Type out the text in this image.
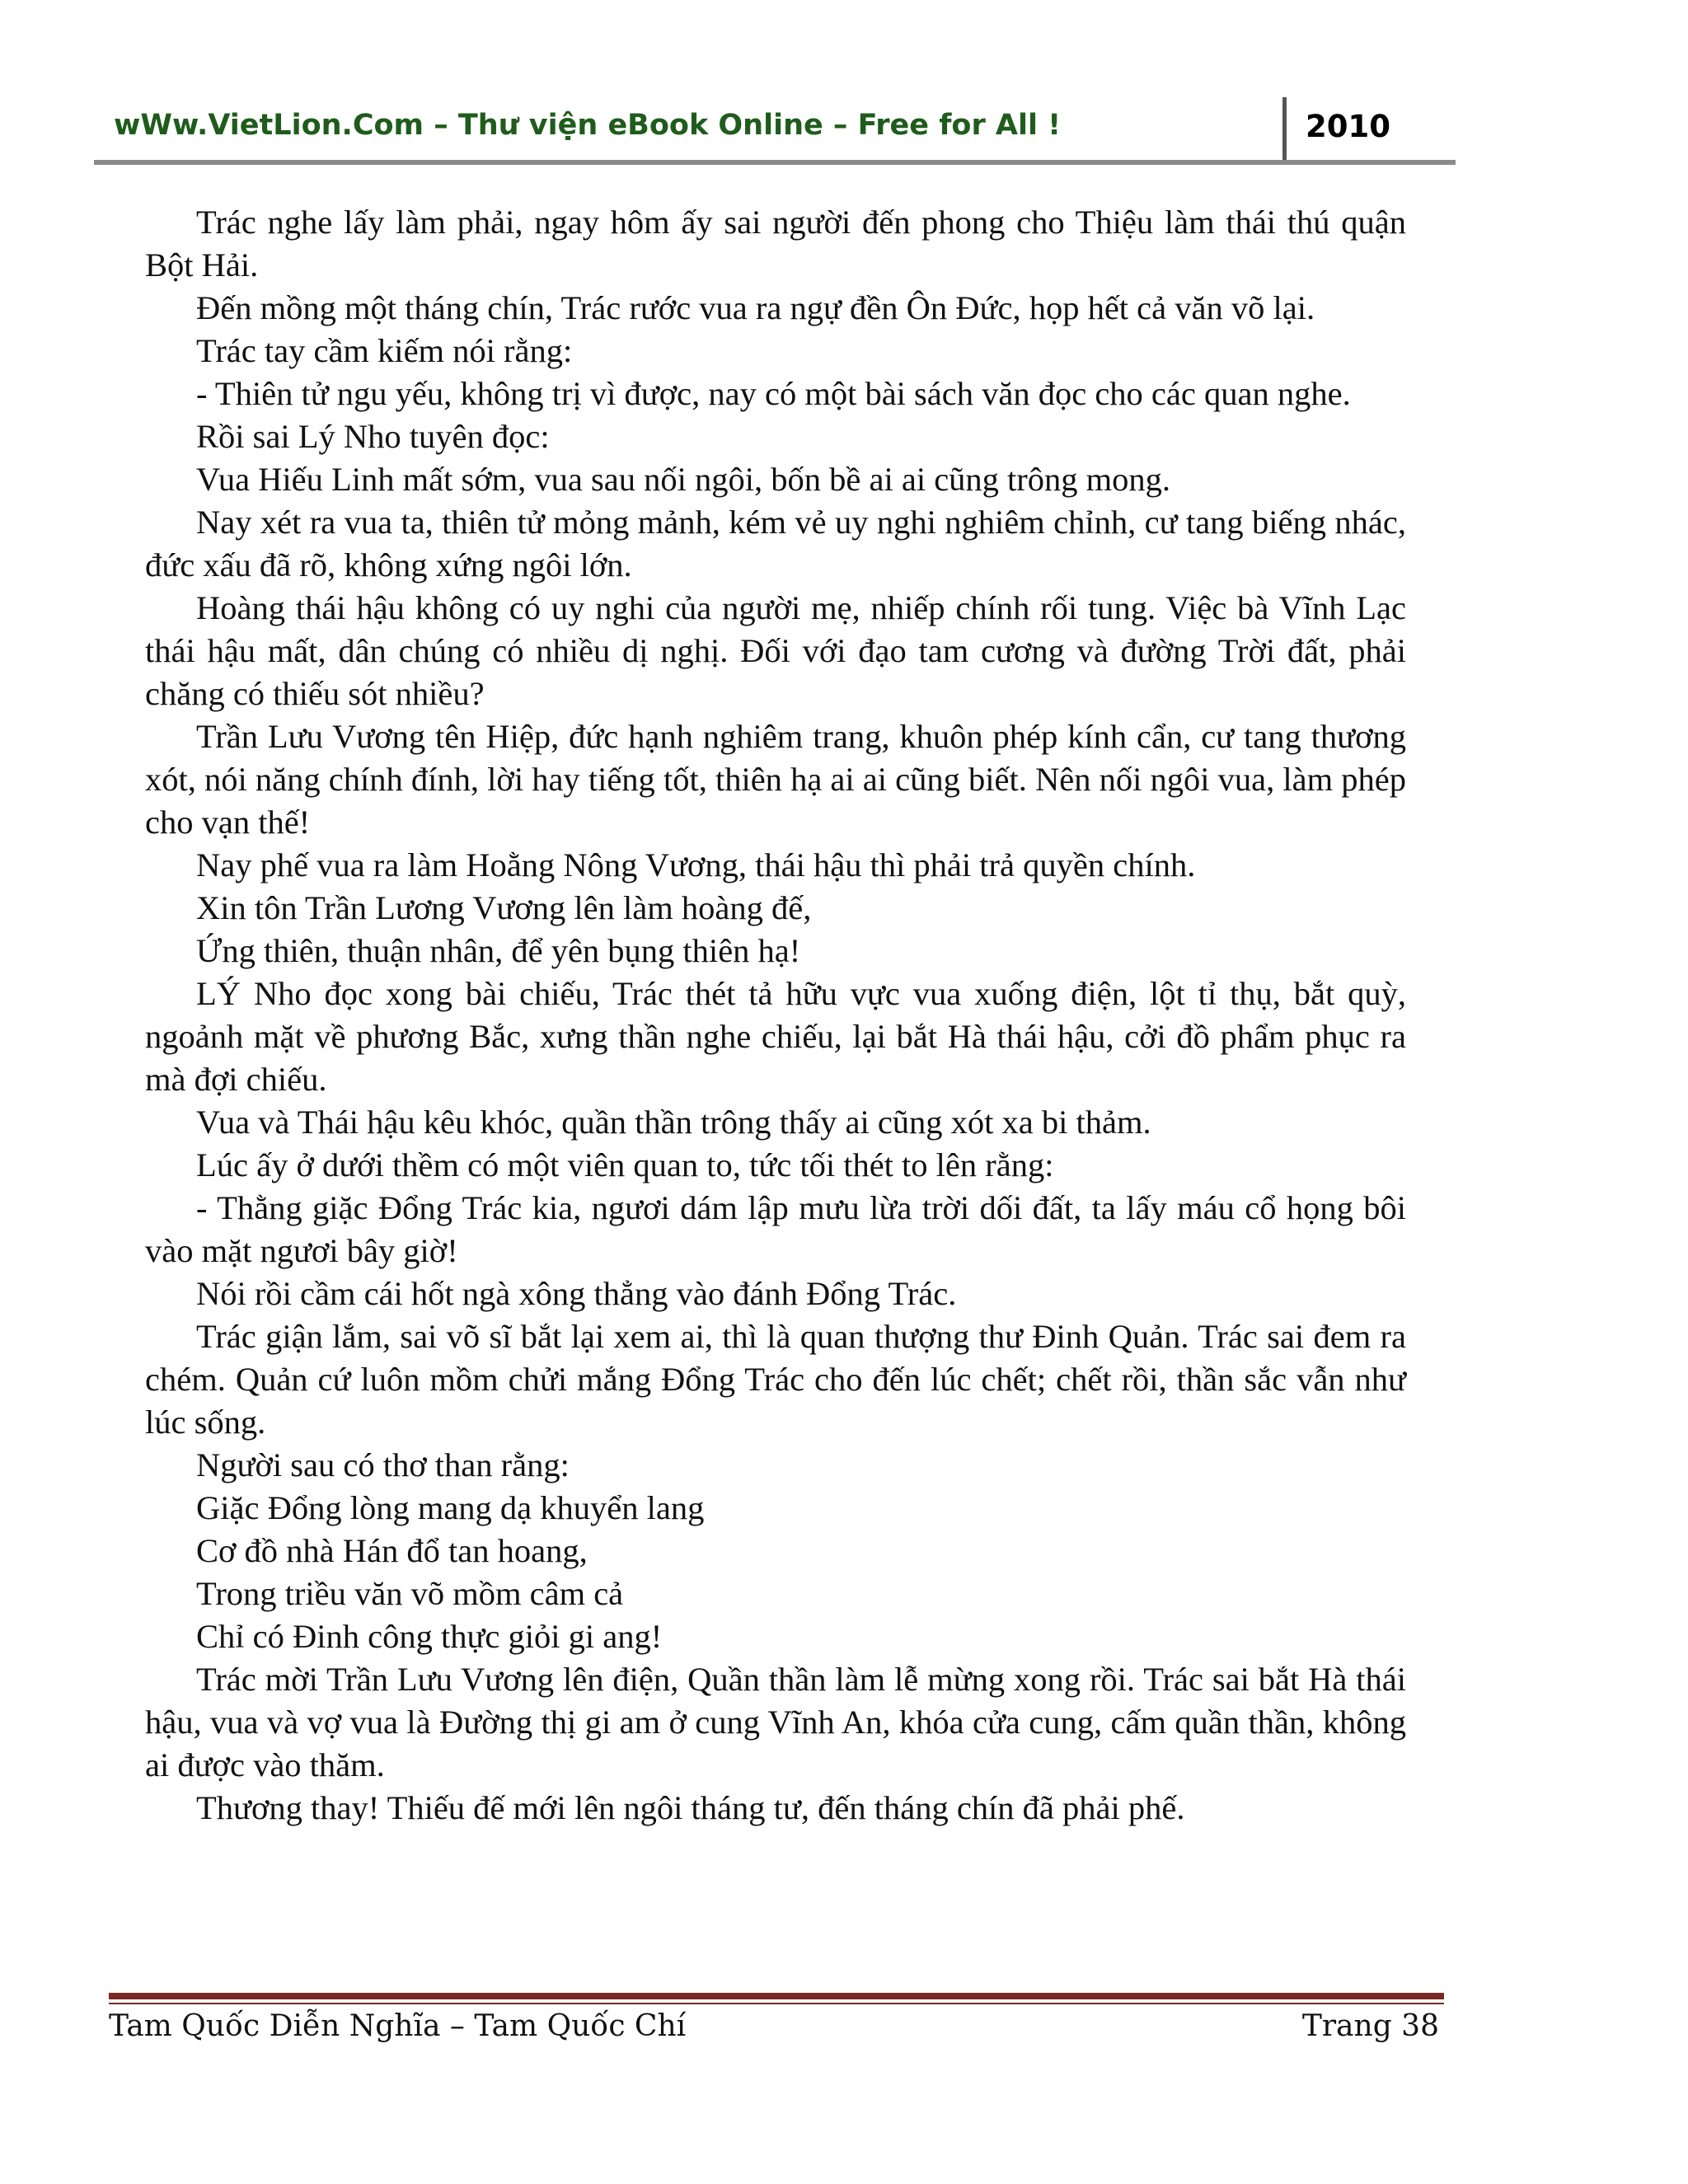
wWw.VietLion.Com – Thư viện eBook Online – Free for All !	2010

Trác nghe lấy làm phải, ngay hôm ấy sai người đến phong cho Thiệu làm thái thú quận Bột Hải.

Đến mồng một tháng chín, Trác rước vua ra ngự đền Ôn Đức, họp hết cả văn võ lại.

Trác tay cầm kiếm nói rằng:

- Thiên tử ngu yếu, không trị vì được, nay có một bài sách văn đọc cho các quan nghe.

Rồi sai Lý Nho tuyên đọc:

Vua Hiếu Linh mất sớm, vua sau nối ngôi, bốn bề ai ai cũng trông mong.

Nay xét ra vua ta, thiên tử mỏng mảnh, kém vẻ uy nghi nghiêm chỉnh, cư tang biếng nhác, đức xấu đã rõ, không xứng ngôi lớn.

Hoàng thái hậu không có uy nghi của người mẹ, nhiếp chính rối tung. Việc bà Vĩnh Lạc thái hậu mất, dân chúng có nhiều dị nghị. Đối với đạo tam cương và đường Trời đất, phải chăng có thiếu sót nhiều?

Trần Lưu Vương tên Hiệp, đức hạnh nghiêm trang, khuôn phép kính cẩn, cư tang thương xót, nói năng chính đính, lời hay tiếng tốt, thiên hạ ai ai cũng biết. Nên nối ngôi vua, làm phép cho vạn thế!

Nay phế vua ra làm Hoằng Nông Vương, thái hậu thì phải trả quyền chính.

Xin tôn Trần Lương Vương lên làm hoàng đế,

Ứng thiên, thuận nhân, để yên bụng thiên hạ!

LÝ Nho đọc xong bài chiếu, Trác thét tả hữu vực vua xuống điện, lột tỉ thụ, bắt quỳ, ngoảnh mặt về phương Bắc, xưng thần nghe chiếu, lại bắt Hà thái hậu, cởi đồ phẩm phục ra mà đợi chiếu.

Vua và Thái hậu kêu khóc, quần thần trông thấy ai cũng xót xa bi thảm.

Lúc ấy ở dưới thềm có một viên quan to, tức tối thét to lên rằng:

- Thằng giặc Đổng Trác kia, ngươi dám lập mưu lừa trời dối đất, ta lấy máu cổ họng bôi vào mặt ngươi bây giờ!

Nói rồi cầm cái hốt ngà xông thẳng vào đánh Đổng Trác.

Trác giận lắm, sai võ sĩ bắt lại xem ai, thì là quan thượng thư Đinh Quản. Trác sai đem ra chém. Quản cứ luôn mồm chửi mắng Đổng Trác cho đến lúc chết; chết rồi, thần sắc vẫn như lúc sống.

Người sau có thơ than rằng:

Giặc Đổng lòng mang dạ khuyển lang

Cơ đồ nhà Hán đổ tan hoang,

Trong triều văn võ mồm câm cả

Chỉ có Đinh công thực giỏi gi ang!

Trác mời Trần Lưu Vương lên điện, Quần thần làm lễ mừng xong rồi. Trác sai bắt Hà thái hậu, vua và vợ vua là Đường thị gi am ở cung Vĩnh An, khóa cửa cung, cấm quần thần, không ai được vào thăm.

Thương thay! Thiếu đế mới lên ngôi tháng tư, đến tháng chín đã phải phế.

Tam Quốc Diễn Nghĩa – Tam Quốc Chí	Trang 38
